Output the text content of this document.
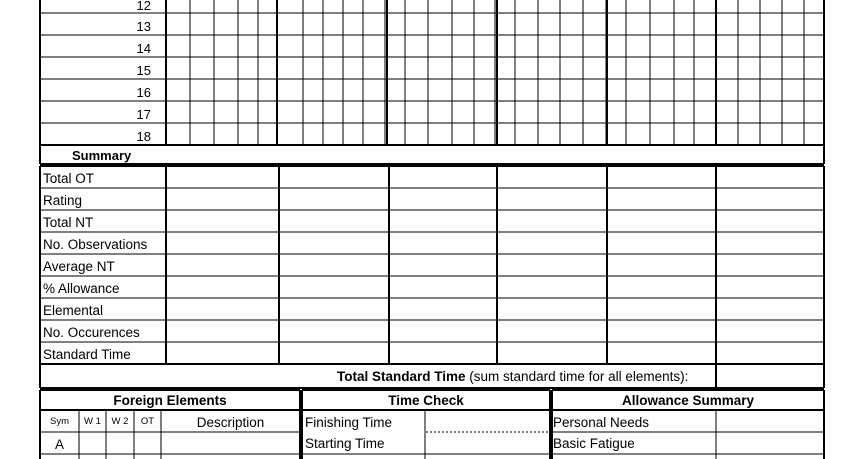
12
13
14
15
16
17
18
Summary
Total OT
Rating
Total NT
No. Observations
Average NT
% Allowance
Elemental
No. Occurences
Standard Time
Total Standard Time (sum standard time for all elements):
Foreign Elements
Sym	W 1	W 2	OT	Description
A
Time Check
Finishing Time
Starting Time
Allowance Summary
Personal Needs
Basic Fatigue
